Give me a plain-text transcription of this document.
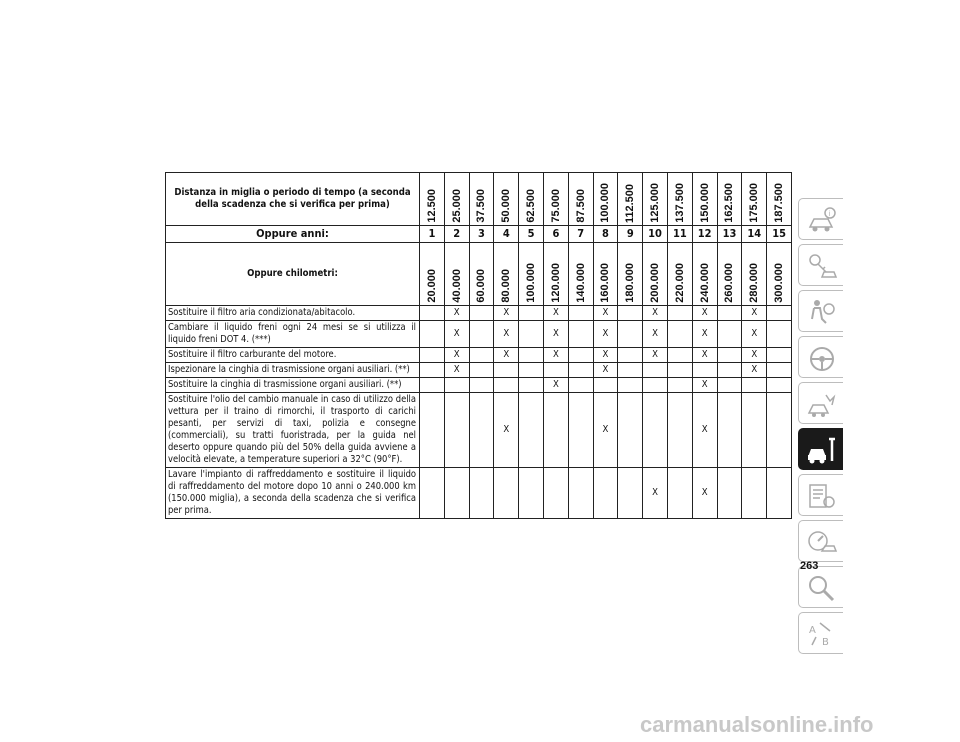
Distanza in miglia o periodo di tempo (a seconda della scadenza che si verifica per prima)	12.500	25.000	37.500	50.000	62.500	75.000	87.500	100.000	112.500	125.000	137.500	150.000	162.500	175.000	187.500

Oppure anni:	1	2	3	4	5	6	7	8	9	10	11	12	13	14	15
Oppure chilometri:	20.000	40.000	60.000	80.000	100.000	120.000	140.000	160.000	180.000	200.000	220.000	240.000	260.000	280.000	300.000

Sostituire il filtro aria condizionata/abitacolo.		X		X		X		X		X		X		X	
Cambiare il liquido freni ogni 24 mesi se si utilizza il liquido freni DOT 4. (***)		X		X		X		X		X		X		X	
Sostituire il filtro carburante del motore.		X		X		X		X		X		X		X	
Ispezionare la cinghia di trasmissione organi ausiliari. (**)		X						X						X	
Sostituire la cinghia di trasmissione organi ausiliari. (**)						X						X			
Sostituire l'olio del cambio manuale in caso di utilizzo della vettura per il traino di rimorchi, il trasporto di carichi pesanti, per servizi di taxi, polizia e consegne (commerciali), su tratti fuoristrada, per la guida nel deserto oppure quando più del 50% della guida avviene a velocità elevate, a temperature superiori a 32°C (90°F).				X				X				X			
Lavare l'impianto di raffreddamento e sostituire il liquido di raffreddamento del motore dopo 10 anni o 240.000 km (150.000 miglia), a seconda della scadenza che si verifica per prima.										X		X			
i
A
B
263
carmanualsonline.info
